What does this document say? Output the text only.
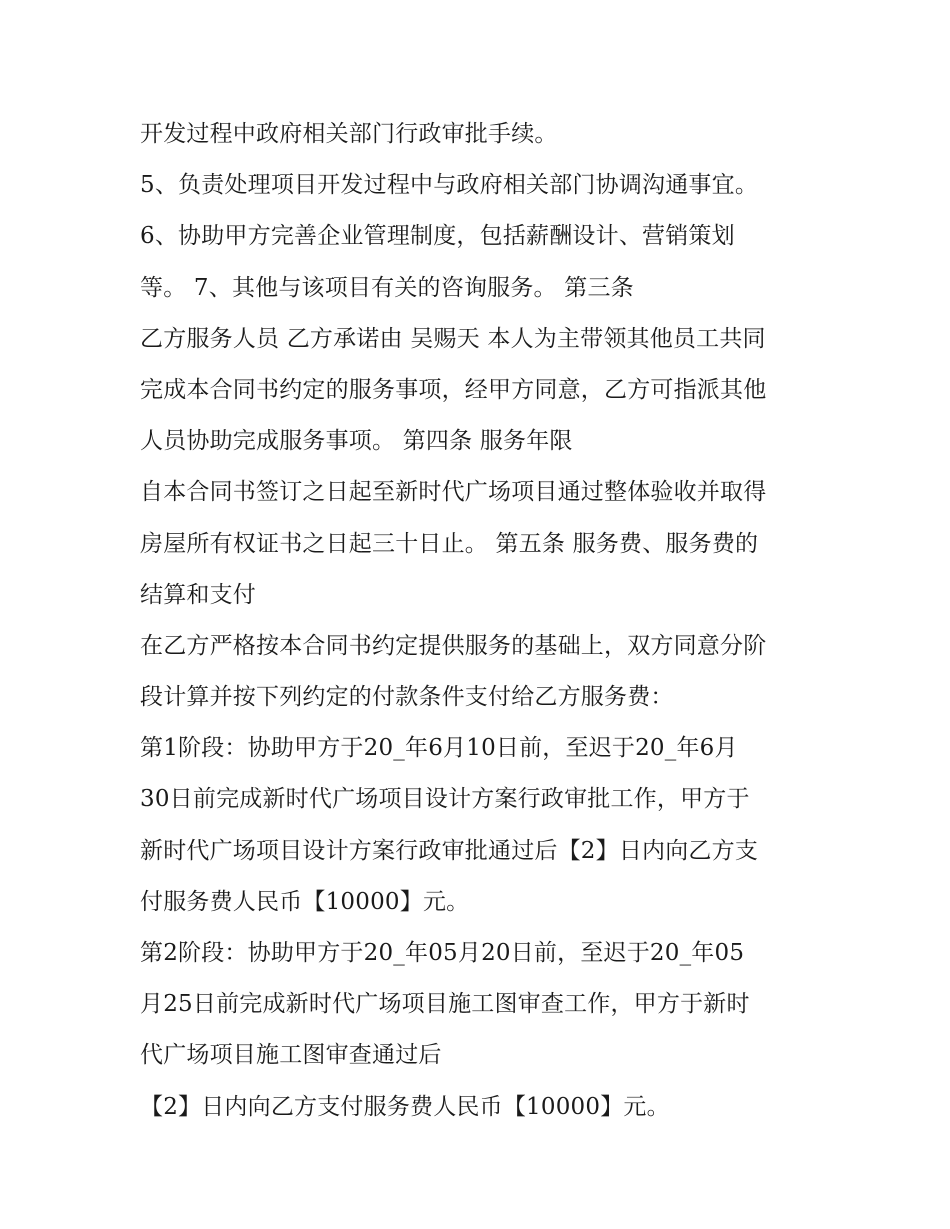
开发过程中政府相关部门行政审批手续。
5、负责处理项目开发过程中与政府相关部门协调沟通事宜。
6、协助甲方完善企业管理制度，包括薪酬设计、营销策划
等。 7、其他与该项目有关的咨询服务。 第三条
乙方服务人员 乙方承诺由 吴赐天 本人为主带领其他员工共同
完成本合同书约定的服务事项，经甲方同意，乙方可指派其他
人员协助完成服务事项。 第四条 服务年限
自本合同书签订之日起至新时代广场项目通过整体验收并取得
房屋所有权证书之日起三十日止。 第五条 服务费、服务费的
结算和支付
在乙方严格按本合同书约定提供服务的基础上，双方同意分阶
段计算并按下列约定的付款条件支付给乙方服务费：
第1阶段：协助甲方于20_年6月10日前，至迟于20_年6月
30日前完成新时代广场项目设计方案行政审批工作，甲方于
新时代广场项目设计方案行政审批通过后【2】日内向乙方支
付服务费人民币【10000】元。
第2阶段：协助甲方于20_年05月20日前，至迟于20_年05
月25日前完成新时代广场项目施工图审查工作，甲方于新时
代广场项目施工图审查通过后
【2】日内向乙方支付服务费人民币【10000】元。
